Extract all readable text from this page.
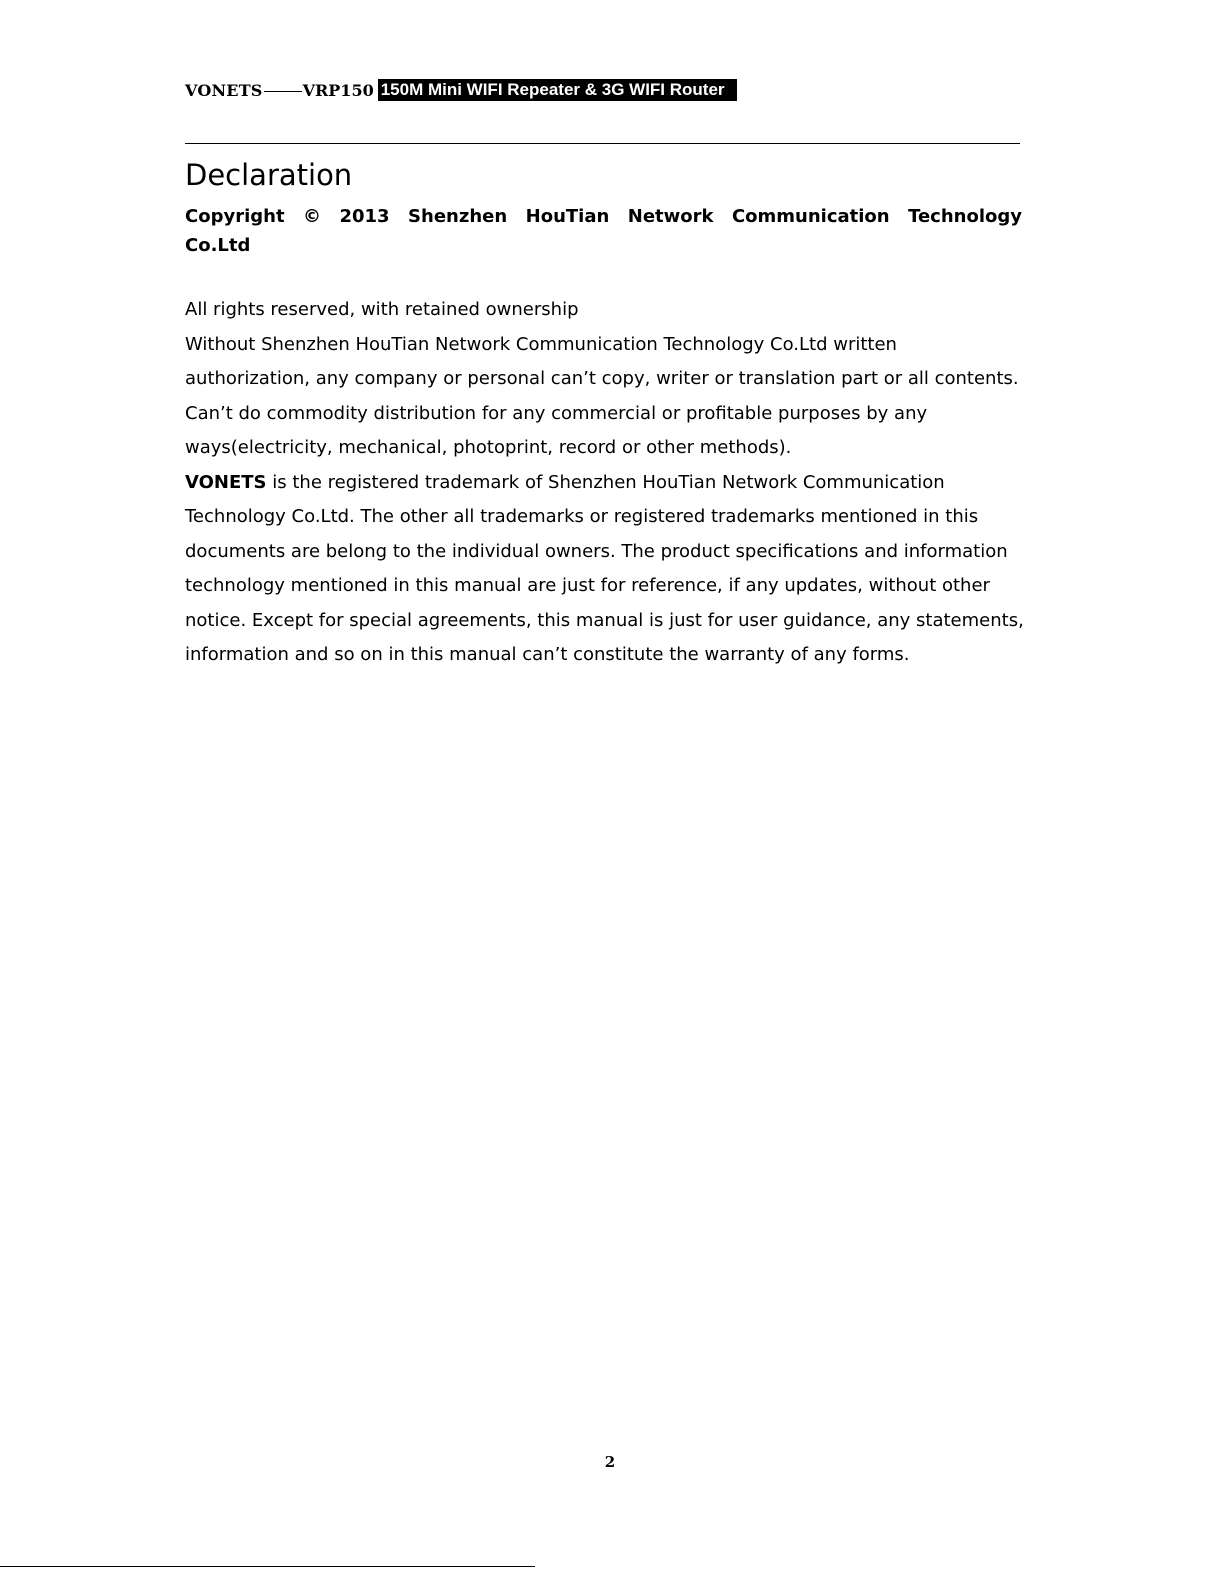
VONETS	VRP150 150M Mini WIFI Repeater & 3G WIFI Router
Declaration

Copyright © 2013 Shenzhen HouTian Network Communication Technology Co.Ltd

All rights reserved, with retained ownership

Without Shenzhen HouTian Network Communication Technology Co.Ltd written authorization, any company or personal can’t copy, writer or translation part or all contents. Can’t do commodity distribution for any commercial or profitable purposes by any ways(electricity, mechanical, photoprint, record or other methods).

VONETS is the registered trademark of Shenzhen HouTian Network Communication Technology Co.Ltd. The other all trademarks or registered trademarks mentioned in this documents are belong to the individual owners. The product specifications and information technology mentioned in this manual are just for reference, if any updates, without other notice. Except for special agreements, this manual is just for user guidance, any statements, information and so on in this manual can’t constitute the warranty of any forms.

2
